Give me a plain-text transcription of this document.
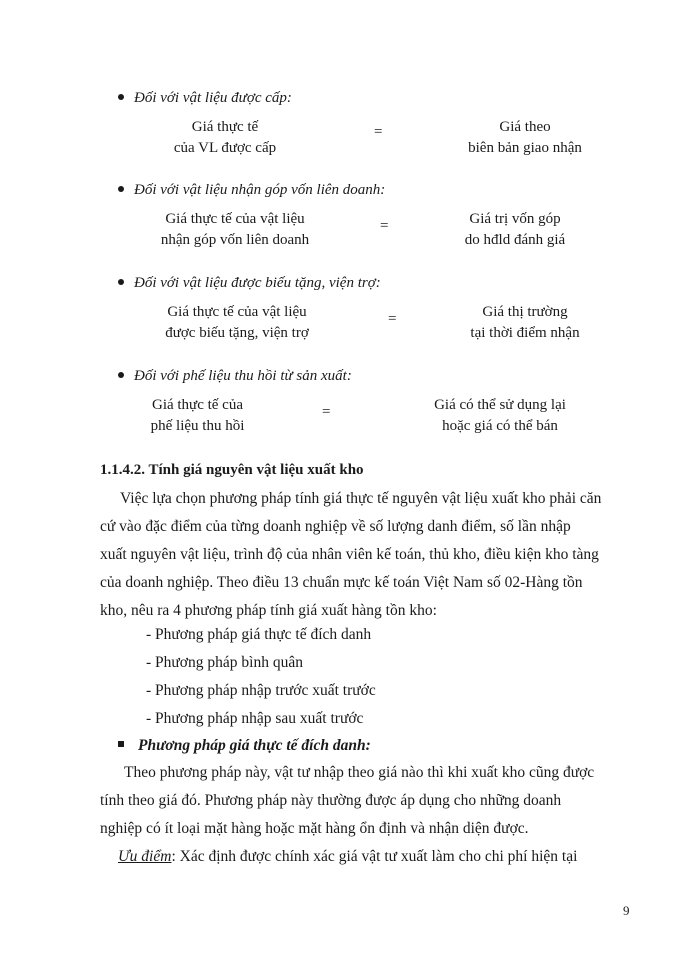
Đối với vật liệu được cấp:
Giá thực tế
của VL được cấp
=	Giá theo
biên bản giao nhận
Đối với vật liệu nhận góp vốn liên doanh:
Giá thực tế của vật liệu
nhận góp vốn liên doanh
=	Giá trị vốn góp
do hđld đánh giá
Đối với vật liệu được biếu tặng, viện trợ:
Giá thực tế của vật liệu
được biếu tặng, viện trợ
=	Giá thị trường
tại thời điểm nhận
Đối với phế liệu thu hồi từ sản xuất:
Giá thực tế của
phế liệu thu hồi
=	Giá có thể sử dụng lại
hoặc giá có thể bán
1.1.4.2. Tính giá nguyên vật liệu xuất kho
Việc lựa chọn phương pháp tính giá thực tế nguyên vật liệu xuất kho phải căn
cứ vào đặc điểm của từng doanh nghiệp về số lượng danh điểm, số lần nhập
xuất nguyên vật liệu, trình độ của nhân viên kế toán, thủ kho, điều kiện kho tàng
của doanh nghiệp. Theo điều 13 chuẩn mực kế toán Việt Nam số 02-Hàng tồn
kho, nêu ra 4 phương pháp tính giá xuất hàng tồn kho:
- Phương pháp giá thực tế đích danh
- Phương pháp bình quân
- Phương pháp nhập trước xuất trước
- Phương pháp nhập sau xuất trước
Phương pháp giá thực tế đích danh:
Theo phương pháp này, vật tư nhập theo giá nào thì khi xuất kho cũng được
tính theo giá đó. Phương pháp này thường được áp dụng cho những doanh
nghiệp có ít loại mặt hàng hoặc mặt hàng ổn định và nhận diện được.
Ưu điểm: Xác định được chính xác giá vật tư xuất làm cho chi phí hiện tại
9
